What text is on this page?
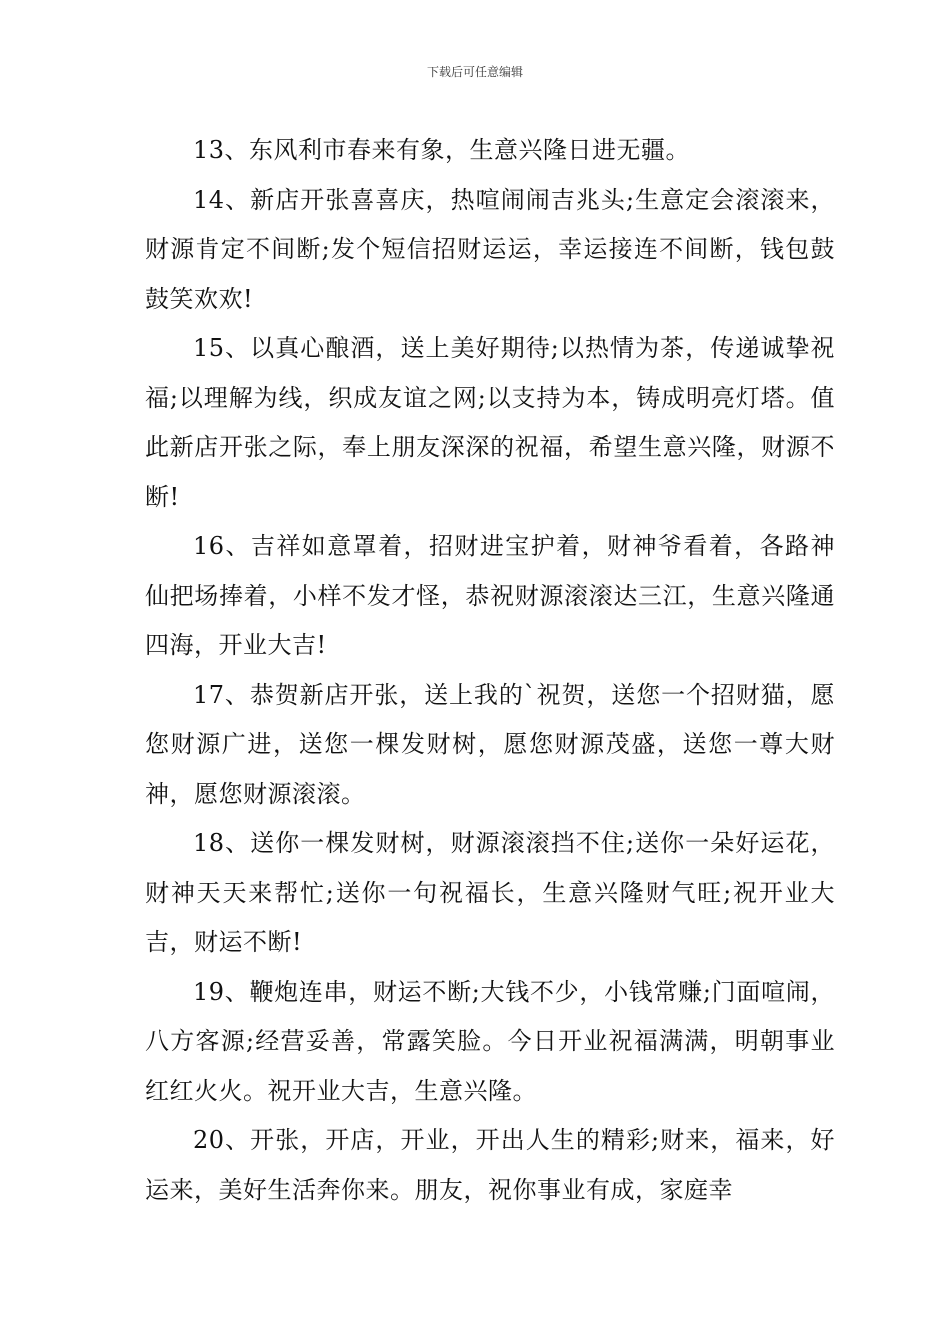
下载后可任意编辑

13、东风利市春来有象，生意兴隆日进无疆。

14、新店开张喜喜庆，热喧闹闹吉兆头;生意定会滚滚来，财源肯定不间断;发个短信招财运运，幸运接连不间断，钱包鼓鼓笑欢欢!

15、以真心酿酒，送上美好期待;以热情为茶，传递诚挚祝福;以理解为线，织成友谊之网;以支持为本，铸成明亮灯塔。值此新店开张之际，奉上朋友深深的祝福，希望生意兴隆，财源不断!

16、吉祥如意罩着，招财进宝护着，财神爷看着，各路神仙把场捧着，小样不发才怪，恭祝财源滚滚达三江，生意兴隆通四海，开业大吉!

17、恭贺新店开张，送上我的`祝贺，送您一个招财猫，愿您财源广进，送您一棵发财树，愿您财源茂盛，送您一尊大财神，愿您财源滚滚。

18、送你一棵发财树，财源滚滚挡不住;送你一朵好运花，财神天天来帮忙;送你一句祝福长，生意兴隆财气旺;祝开业大吉，财运不断!

19、鞭炮连串，财运不断;大钱不少，小钱常赚;门面喧闹，八方客源;经营妥善，常露笑脸。今日开业祝福满满，明朝事业红红火火。祝开业大吉，生意兴隆。

20、开张，开店，开业，开出人生的精彩;财来，福来，好运来，美好生活奔你来。朋友，祝你事业有成，家庭幸
